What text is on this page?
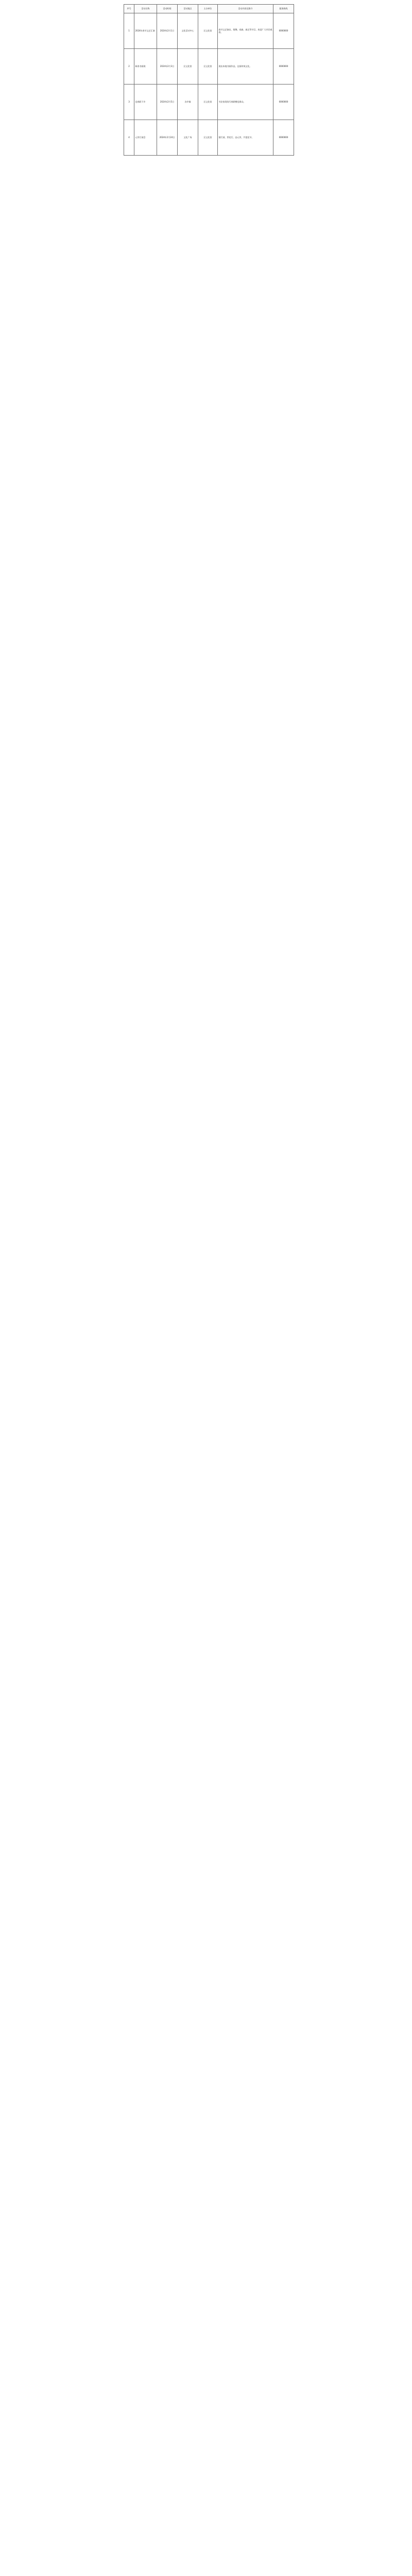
序号	活动名称	活动时间	活动地点	主办单位	活动内容及简介	服务热线
1	2024年春节文艺汇演	2024年2月1日	文化活动中心	区文化馆	春节文艺演出，歌舞、戏曲、曲艺等节目，欢迎广大市民观看。	0000000
2	新春书画展	2024年2月3日	区文化馆	区文化馆	展出本地书画作品，弘扬传统文化。	0000000
3	送春联下乡	2024年2月5日	各乡镇	区文化馆	书法家现场写春联赠送群众。	0000000
4	元宵灯谜会	2024年2月24日	文化广场	区文化馆	猜灯谜、赏花灯、品元宵，共度佳节。	0000000
